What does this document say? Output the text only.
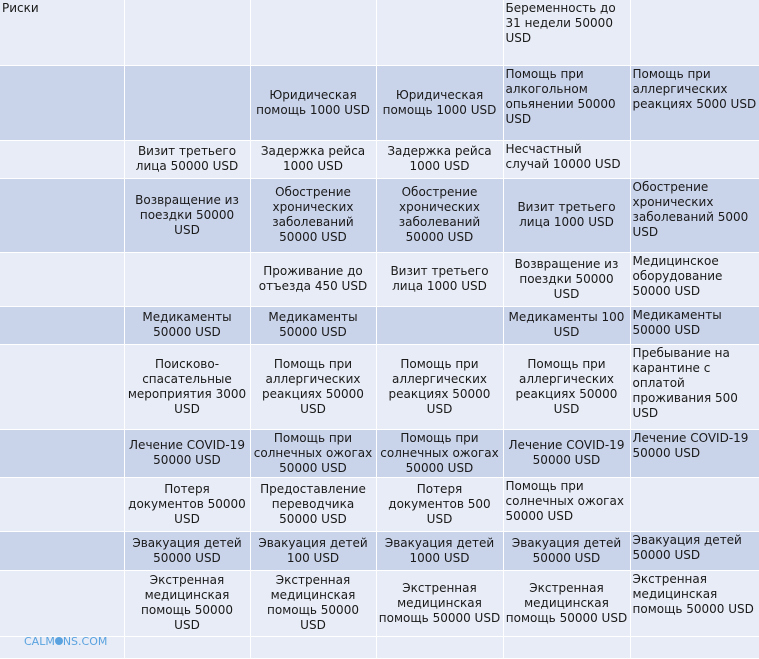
Риски				Беременность до 31 недели 50000 USD	
		Юридическая помощь 1000 USD	Юридическая помощь 1000 USD	Помощь при алкогольном опьянении 50000 USD	Помощь при аллергических реакциях 5000 USD
	Визит третьего лица 50000 USD	Задержка рейса 1000 USD	Задержка рейса 1000 USD	Несчастный случай 10000 USD	
	Возвращение из поездки 50000 USD	Обострение хронических заболеваний 50000 USD	Обострение хронических заболеваний 50000 USD	Визит третьего лица 1000 USD	Обострение хронических заболеваний 5000 USD
		Проживание до отъезда 450 USD	Визит третьего лица 1000 USD	Возвращение из поездки 50000 USD	Медицинское оборудование 50000 USD
	Медикаменты 50000 USD	Медикаменты 50000 USD		Медикаменты 100 USD	Медикаменты 50000 USD
	Поисково-спасательные мероприятия 3000 USD	Помощь при аллергических реакциях 50000 USD	Помощь при аллергических реакциях 50000 USD	Помощь при аллергических реакциях 50000 USD	Пребывание на карантине с оплатой проживания 500 USD
	Лечение COVID-19 50000 USD	Помощь при солнечных ожогах 50000 USD	Помощь при солнечных ожогах 50000 USD	Лечение COVID-19 50000 USD	Лечение COVID-19 50000 USD
	Потеря документов 50000 USD	Предоставление переводчика 50000 USD	Потеря документов 500 USD	Помощь при солнечных ожогах 50000 USD	
	Эвакуация детей 50000 USD	Эвакуация детей 100 USD	Эвакуация детей 1000 USD	Эвакуация детей 50000 USD	Эвакуация детей 50000 USD
	Экстренная медицинская помощь 50000 USD	Экстренная медицинская помощь 50000 USD	Экстренная медицинская помощь 50000 USD	Экстренная медицинская помощь 50000 USD	Экстренная медицинская помощь 50000 USD

CALM NS.COM
